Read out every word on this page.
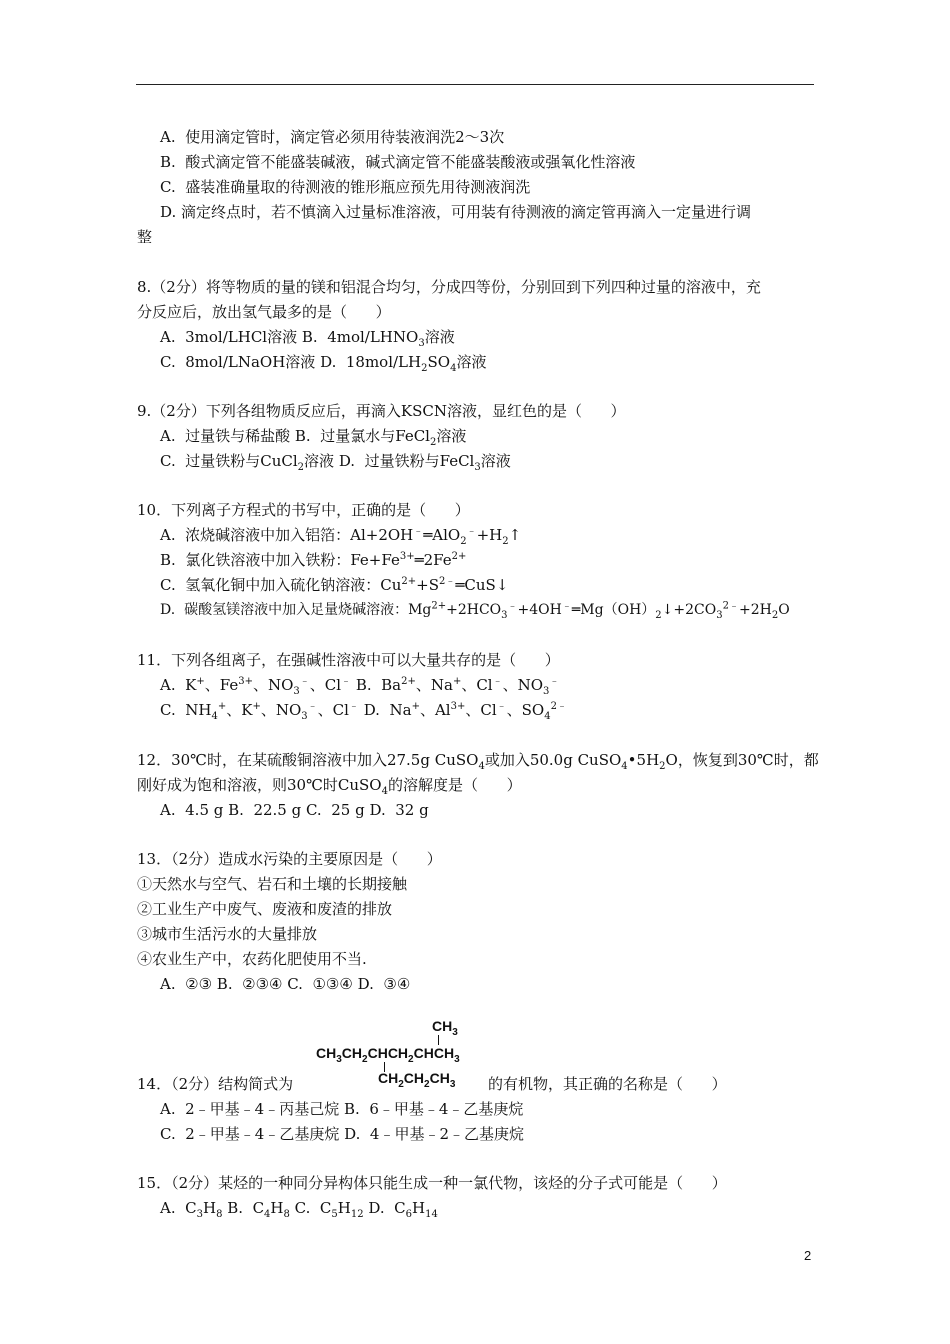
A.  使用滴定管时，滴定管必须用待装液润洗2～3次
B.  酸式滴定管不能盛装碱液，碱式滴定管不能盛装酸液或强氧化性溶液
C.  盛装准确量取的待测液的锥形瓶应预先用待测液润洗
D. 滴定终点时，若不慎滴入过量标准溶液，可用装有待测液的滴定管再滴入一定量进行调
整
8.（2分）将等物质的量的镁和铝混合均匀，分成四等份，分别回到下列四种过量的溶液中，充
分反应后，放出氢气最多的是（      ）
A.  3mol/LHCl溶液 B.  $4mol/LHNO_3$溶液
C.  8mol/LNaOH溶液 D.  $18mol/LH_2SO_4$溶液
9.（2分）下列各组物质反应后，再滴入KSCN溶液，显红色的是（      ）
A.  过量铁与稀盐酸 B.  过量氯水与FeCl$_2$溶液
C.  过量铁粉与CuCl$_2$溶液 D.  过量铁粉与FeCl$_3$溶液
10．下列离子方程式的书写中，正确的是（      ）
A.  浓烧碱溶液中加入铝箔：$Al+2OH^﹣═AlO_2^﹣+H_2↑$
B.  氯化铁溶液中加入铁粉：$Fe+Fe^{3+}═2Fe^{2+}$
C.  氢氧化铜中加入硫化钠溶液：$Cu^{2+}+S^{2﹣}═CuS↓$
D.  碳酸氢镁溶液中加入足量烧碱溶液：$Mg^{2+}+2HCO_3^﹣+4OH^﹣═Mg(OH)_2↓+2CO_3^{2﹣}+2H_2O$
11．下列各组离子，在强碱性溶液中可以大量共存的是（      ）
A.  K+、$Fe^{3+}$、$NO_3^﹣$、Cl﹣ B.  $Ba^{2+}$、Na+、Cl﹣、$NO_3^﹣$
C.  $NH_4^+$、K+、$NO_3^﹣$、Cl﹣ D.  Na+、$Al^{3+}$、Cl﹣、$SO_4^{2﹣}$
12．30℃时，在某硫酸铜溶液中加入27.5g CuSO$_4$或加入50.0g $CuSO_4•5H_2O$，恢复到30℃时，都
刚好成为饱和溶液，则30℃时CuSO$_4$的溶解度是（      ）
A.  4.5 g B.  22.5 g C.  25 g D.  32 g
13．（2分）造成水污染的主要原因是（      ）
①天然水与空气、岩石和土壤的长期接触
②工业生产中废气、废液和废渣的排放
③城市生活污水的大量排放
④农业生产中，农药化肥使用不当.
A.  ②③ B.  ②③④ C.  ①③④ D.  ③④
$CH_3$
$CH_3CH_2CHCH_2CHCH_3$
$CH_2CH_2CH_3$
14．（2分）结构简式为	的有机物，其正确的名称是（      ）
A.  2﹣甲基﹣4﹣丙基己烷 B.  6﹣甲基﹣4﹣乙基庚烷
C.  2﹣甲基﹣4﹣乙基庚烷 D.  4﹣甲基﹣2﹣乙基庚烷
15．（2分）某烃的一种同分异构体只能生成一种一氯代物，该烃的分子式可能是（      ）
A.  $C_3H_8$ B.  $C_4H_8$ C.  $C_5H_{12}$ D.  $C_6H_{14}$
2
